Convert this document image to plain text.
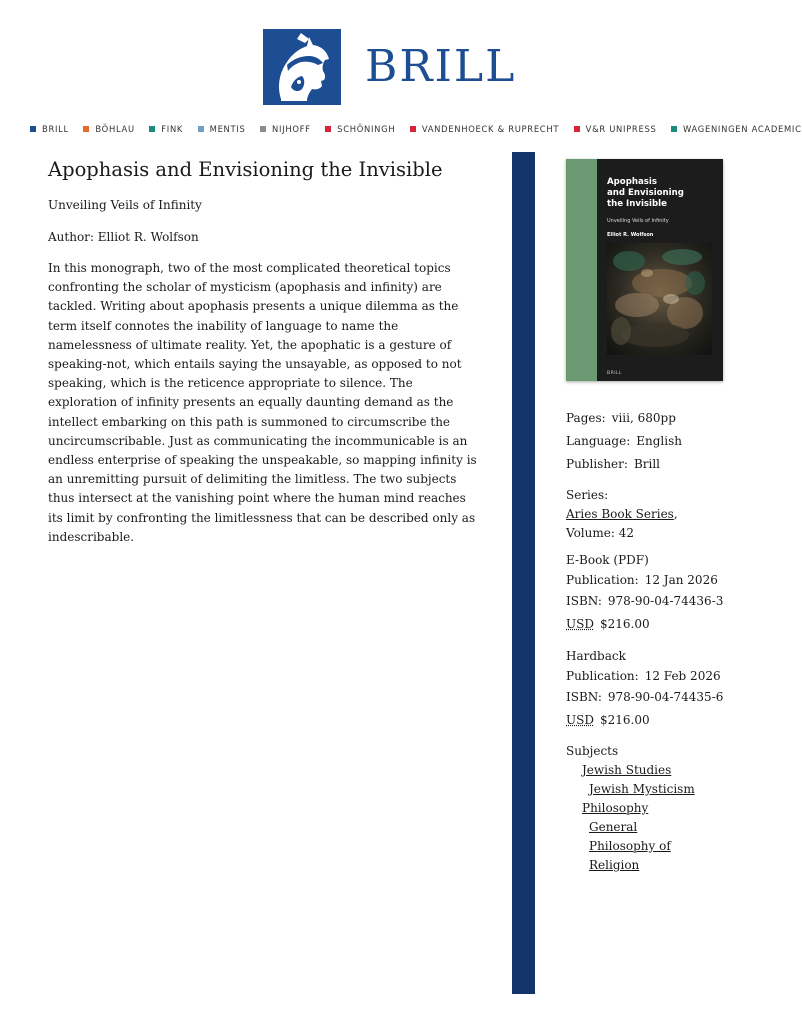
BRILL
BRILL	BÖHLAU	FINK	MENTIS	NIJHOFF	SCHÖNINGH	VANDENHOECK & RUPRECHT	V&R UNIPRESS	WAGENINGEN ACADEMIC
Apophasis and Envisioning the Invisible
Unveiling Veils of Infinity
Author: Elliot R. Wolfson

In this monograph, two of the most complicated theoretical topics confronting the scholar of mysticism (apophasis and infinity) are tackled. Writing about apophasis presents a unique dilemma as the term itself connotes the inability of language to name the namelessness of ultimate reality. Yet, the apophatic is a gesture of speaking-not, which entails saying the unsayable, as opposed to not speaking, which is the reticence appropriate to silence. The exploration of infinity presents an equally daunting demand as the intellect embarking on this path is summoned to circumscribe the uncircumscribable. Just as communicating the incommunicable is an endless enterprise of speaking the unspeakable, so mapping infinity is an unremitting pursuit of delimiting the limitless. The two subjects thus intersect at the vanishing point where the human mind reaches its limit by confronting the limitlessness that can be described only as indescribable.

Apophasis
and Envisioning
the Invisible
Unveiling Veils of Infinity
Elliot R. Wolfson
BRILL
Pages: viii, 680pp
Language: English
Publisher: Brill
Series:
Aries Book Series,
Volume: 42
E-Book (PDF)
Publication: 12 Jan 2026
ISBN: 978-90-04-74436-3
USD $216.00
Hardback
Publication: 12 Feb 2026
ISBN: 978-90-04-74435-6
USD $216.00
Subjects
Jewish Studies
Jewish Mysticism
Philosophy
General
Philosophy of
Religion
